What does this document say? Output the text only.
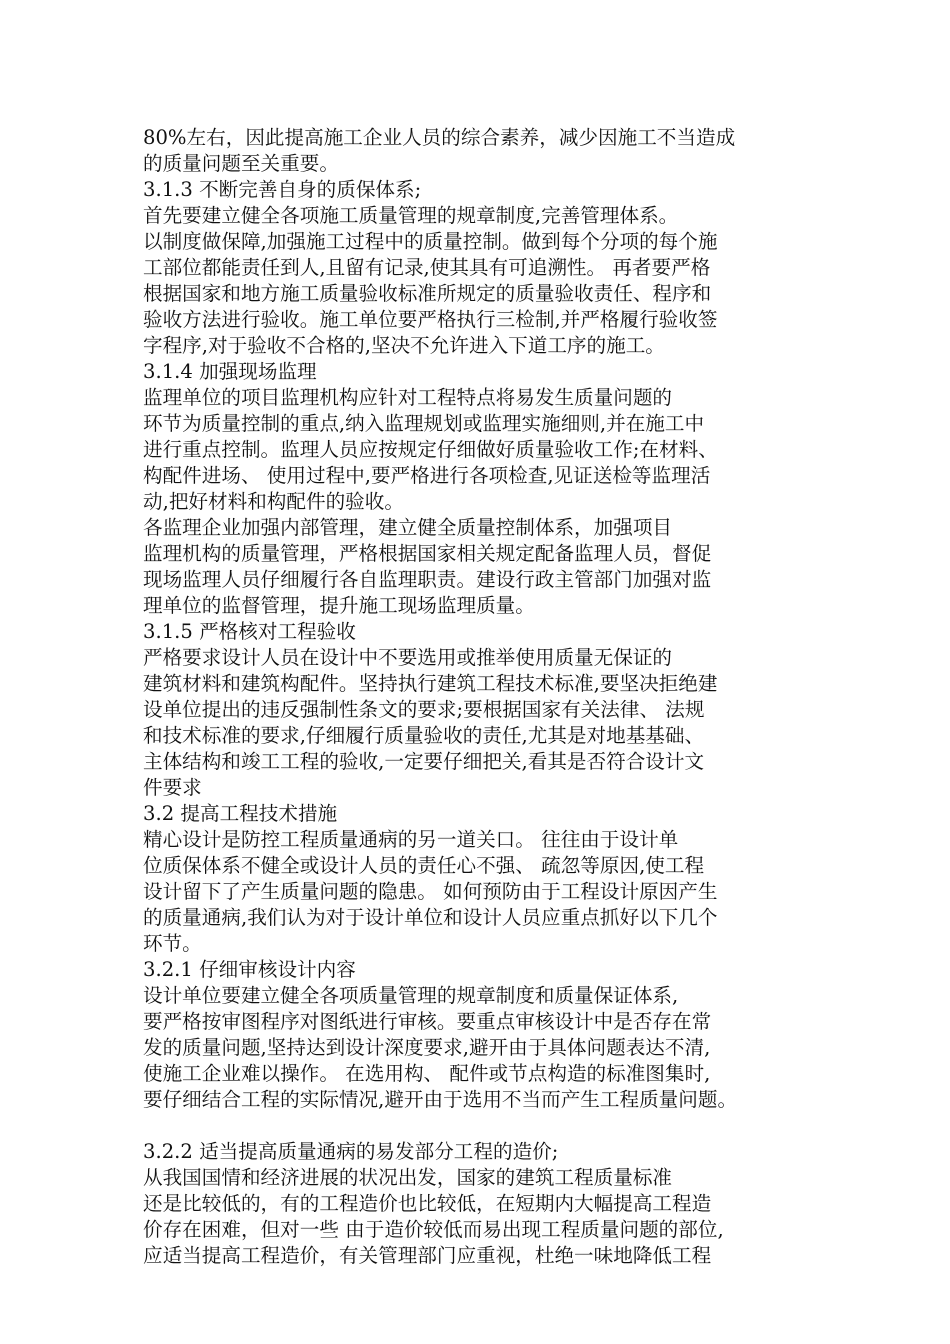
80%左右，因此提高施工企业人员的综合素养，减少因施工不当造成
的质量问题至关重要。
3.1.3 不断完善自身的质保体系;
首先要建立健全各项施工质量管理的规章制度,完善管理体系。
以制度做保障,加强施工过程中的质量控制。做到每个分项的每个施
工部位都能责任到人,且留有记录,使其具有可追溯性。 再者要严格
根据国家和地方施工质量验收标准所规定的质量验收责任、程序和
验收方法进行验收。施工单位要严格执行三检制,并严格履行验收签
字程序,对于验收不合格的,坚决不允许进入下道工序的施工。
3.1.4 加强现场监理
监理单位的项目监理机构应针对工程特点将易发生质量问题的
环节为质量控制的重点,纳入监理规划或监理实施细则,并在施工中
进行重点控制。监理人员应按规定仔细做好质量验收工作;在材料、
构配件进场、 使用过程中,要严格进行各项检查,见证送检等监理活
动,把好材料和构配件的验收。
各监理企业加强内部管理，建立健全质量控制体系，加强项目
监理机构的质量管理，严格根据国家相关规定配备监理人员，督促
现场监理人员仔细履行各自监理职责。建设行政主管部门加强对监
理单位的监督管理，提升施工现场监理质量。
3.1.5 严格核对工程验收
严格要求设计人员在设计中不要选用或推举使用质量无保证的
建筑材料和建筑构配件。坚持执行建筑工程技术标准,要坚决拒绝建
设单位提出的违反强制性条文的要求;要根据国家有关法律、 法规
和技术标准的要求,仔细履行质量验收的责任,尤其是对地基基础、
主体结构和竣工工程的验收,一定要仔细把关,看其是否符合设计文
件要求
3.2 提高工程技术措施
精心设计是防控工程质量通病的另一道关口。 往往由于设计单
位质保体系不健全或设计人员的责任心不强、 疏忽等原因,使工程
设计留下了产生质量问题的隐患。 如何预防由于工程设计原因产生
的质量通病,我们认为对于设计单位和设计人员应重点抓好以下几个
环节。
3.2.1 仔细审核设计内容
设计单位要建立健全各项质量管理的规章制度和质量保证体系,
要严格按审图程序对图纸进行审核。要重点审核设计中是否存在常
发的质量问题,坚持达到设计深度要求,避开由于具体问题表达不清,
使施工企业难以操作。 在选用构、 配件或节点构造的标准图集时,
要仔细结合工程的实际情况,避开由于选用不当而产生工程质量问题。
3.2.2 适当提高质量通病的易发部分工程的造价;
从我国国情和经济进展的状况出发，国家的建筑工程质量标准
还是比较低的，有的工程造价也比较低，在短期内大幅提高工程造
价存在困难，但对一些 由于造价较低而易出现工程质量问题的部位,
应适当提高工程造价，有关管理部门应重视，杜绝一味地降低工程
